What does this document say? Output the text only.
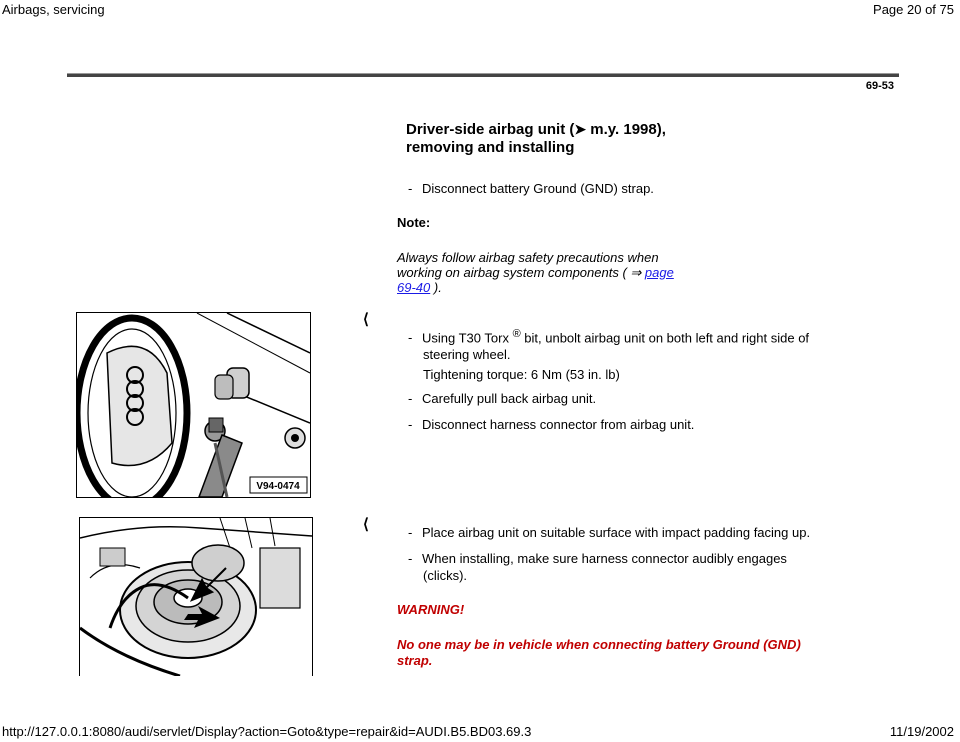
Airbags, servicing	Page 20 of 75
69-53
Driver-side airbag unit (➤ m.y. 1998),
removing and installing
- Disconnect battery Ground (GND) strap.
Note:
Always follow airbag safety precautions when
working on airbag system components ( ⇒ page
69-40 ).
V94-0474
⟨
- Using T30 Torx ® bit, unbolt airbag unit on both left and right side of
steering wheel.
Tightening torque: 6 Nm (53 in. lb)
- Carefully pull back airbag unit.
- Disconnect harness connector from airbag unit.
⟨	- Place airbag unit on suitable surface with impact padding facing up.
- When installing, make sure harness connector audibly engages
(clicks).
WARNING!
No one may be in vehicle when connecting battery Ground (GND)
strap.
http://127.0.0.1:8080/audi/servlet/Display?action=Goto&type=repair&id=AUDI.B5.BD03.69.3	11/19/2002
